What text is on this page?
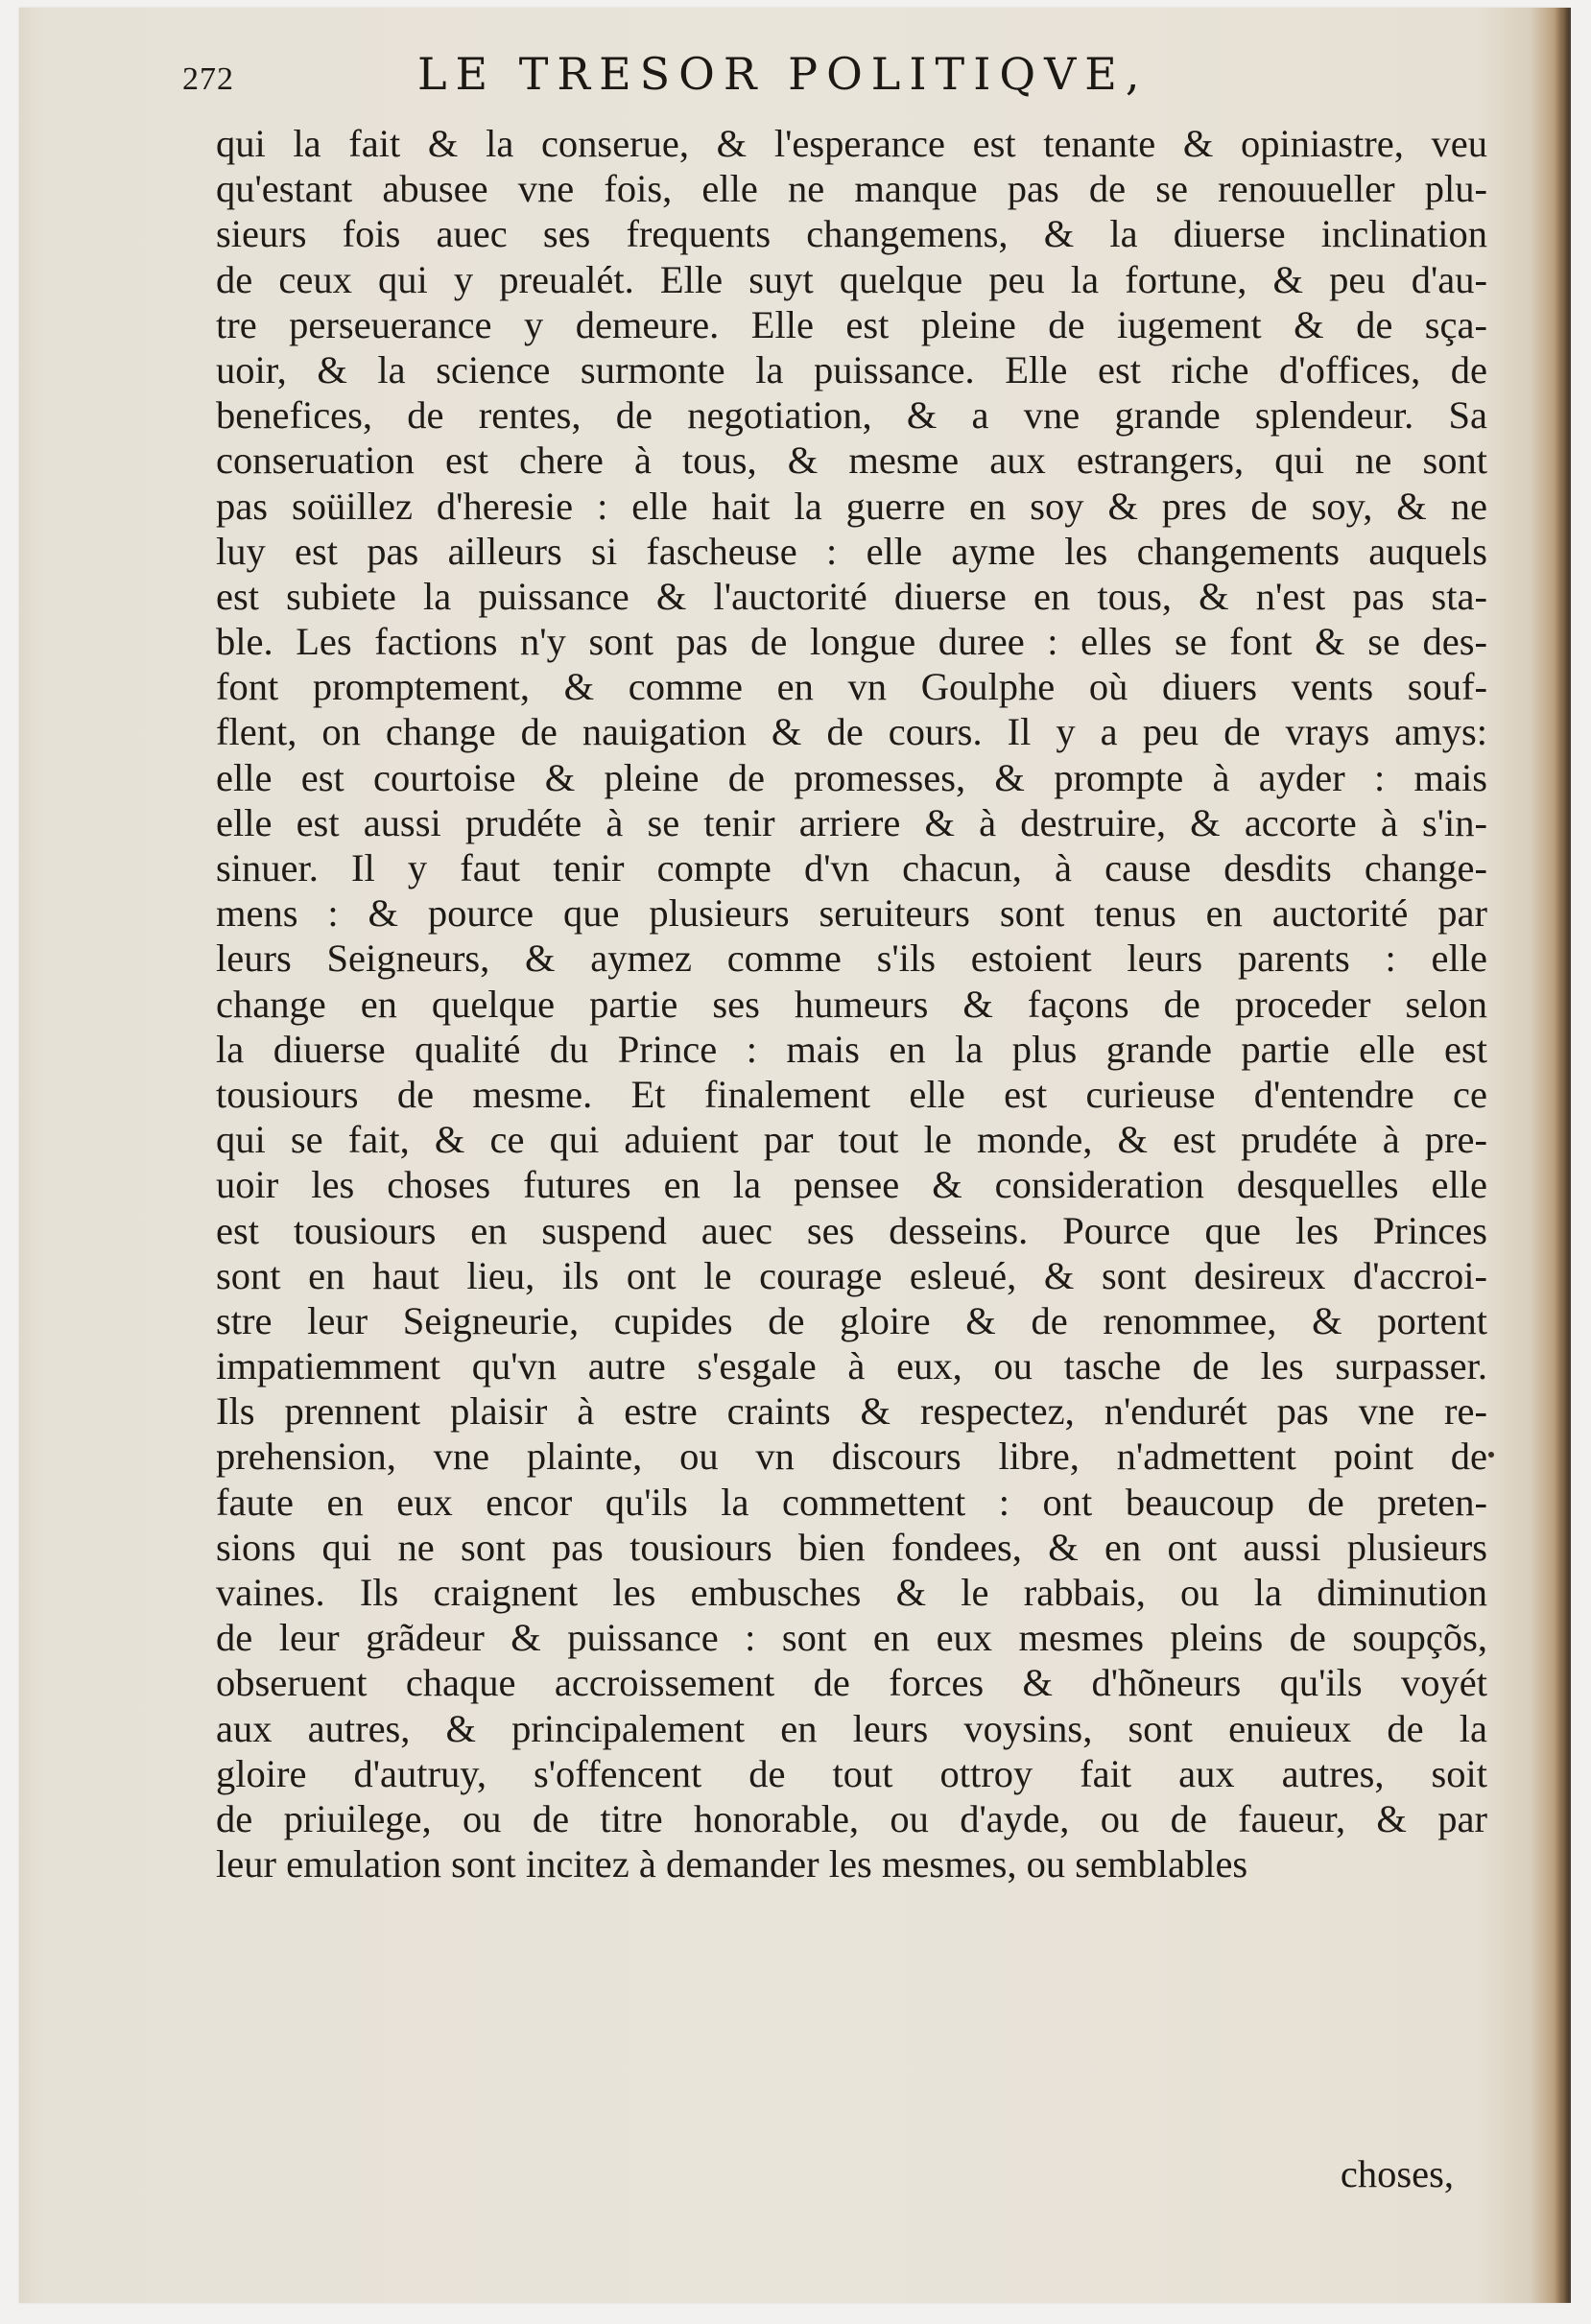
272	LE TRESOR POLITIQVE,
qui la fait & la conserue, & l'esperance est tenante & opiniastre, veu
qu'estant abusee vne fois, elle ne manque pas de se renouueller plu-
sieurs fois auec ses frequents changemens, & la diuerse inclination
de ceux qui y preualét. Elle suyt quelque peu la fortune, & peu d'au-
tre perseuerance y demeure. Elle est pleine de iugement & de sça-
uoir, & la science surmonte la puissance. Elle est riche d'offices, de
benefices, de rentes, de negotiation, & a vne grande splendeur. Sa
conseruation est chere à tous, & mesme aux estrangers, qui ne sont
pas soüillez d'heresie : elle hait la guerre en soy & pres de soy, & ne
luy est pas ailleurs si fascheuse : elle ayme les changements auquels
est subiete la puissance & l'auctorité diuerse en tous, & n'est pas sta-
ble. Les factions n'y sont pas de longue duree : elles se font & se des-
font promptement, & comme en vn Goulphe où diuers vents souf-
flent, on change de nauigation & de cours. Il y a peu de vrays amys:
elle est courtoise & pleine de promesses, & prompte à ayder : mais
elle est aussi prudéte à se tenir arriere & à destruire, & accorte à s'in-
sinuer. Il y faut tenir compte d'vn chacun, à cause desdits change-
mens : & pource que plusieurs seruiteurs sont tenus en auctorité par
leurs Seigneurs, & aymez comme s'ils estoient leurs parents : elle
change en quelque partie ses humeurs & façons de proceder selon
la diuerse qualité du Prince : mais en la plus grande partie elle est
tousiours de mesme. Et finalement elle est curieuse d'entendre ce
qui se fait, & ce qui aduient par tout le monde, & est prudéte à pre-
uoir les choses futures en la pensee & consideration desquelles elle
est tousiours en suspend auec ses desseins. Pource que les Princes
sont en haut lieu, ils ont le courage esleué, & sont desireux d'accroi-
stre leur Seigneurie, cupides de gloire & de renommee, & portent
impatiemment qu'vn autre s'esgale à eux, ou tasche de les surpasser.
Ils prennent plaisir à estre craints & respectez, n'endurét pas vne re-
prehension, vne plainte, ou vn discours libre, n'admettent point de
faute en eux encor qu'ils la commettent : ont beaucoup de preten-
sions qui ne sont pas tousiours bien fondees, & en ont aussi plusieurs
vaines. Ils craignent les embusches & le rabbais, ou la diminution
de leur grãdeur & puissance : sont en eux mesmes pleins de soupçõs,
obseruent chaque accroissement de forces & d'hõneurs qu'ils voyét
aux autres, & principalement en leurs voysins, sont enuieux de la
gloire d'autruy, s'offencent de tout ottroy fait aux autres, soit
de priuilege, ou de titre honorable, ou d'ayde, ou de faueur, & par
leur emulation sont incitez à demander les mesmes, ou semblables
choses,
